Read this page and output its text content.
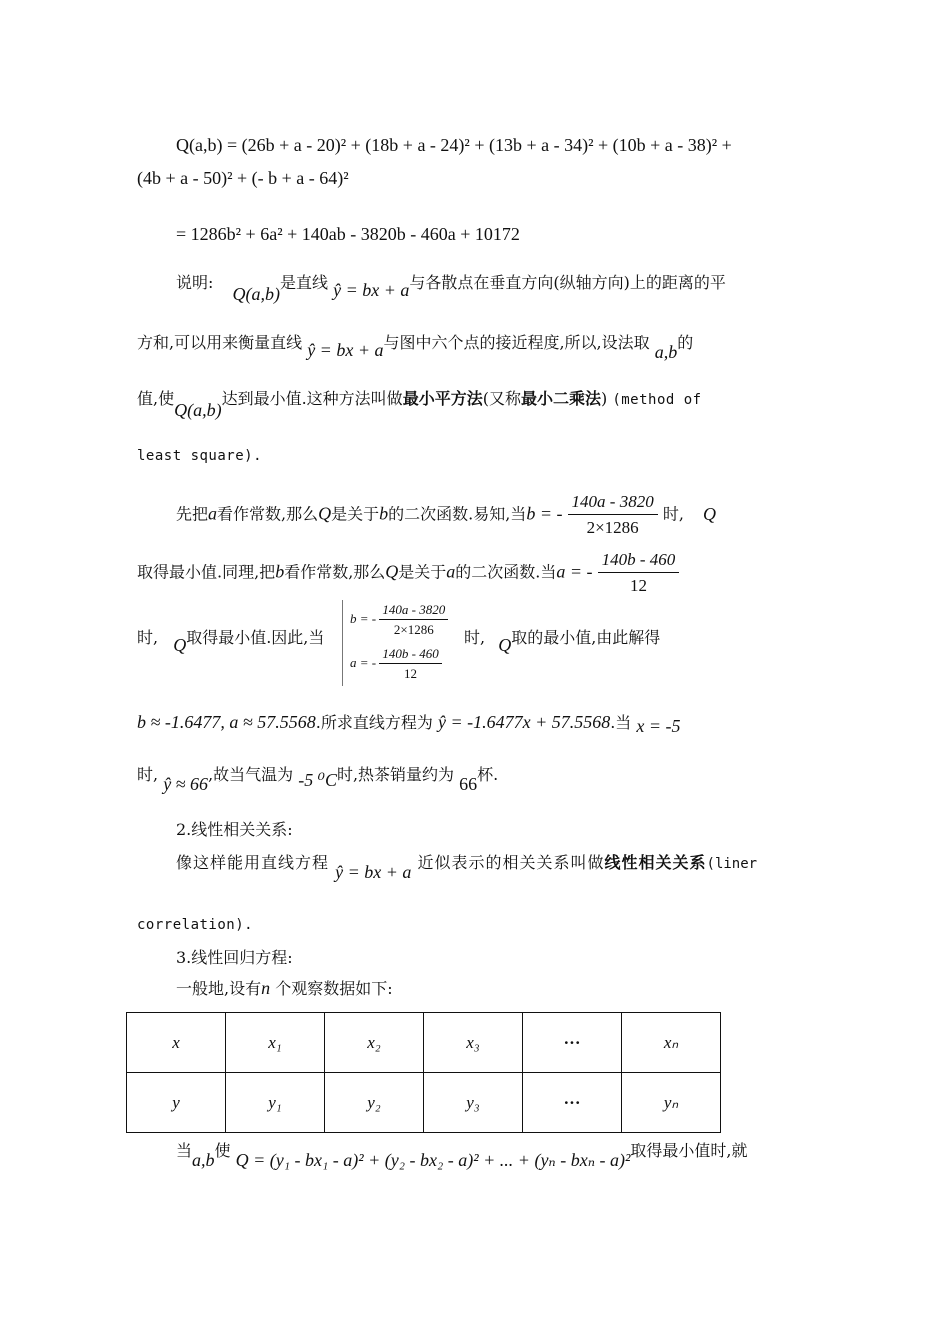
Q(a,b) = (26b + a - 20)² + (18b + a - 24)² + (13b + a - 34)² + (10b + a - 38)² +
(4b + a - 50)² + (- b + a - 64)²
= 1286b² + 6a² + 140ab - 3820b - 460a + 10172
说明: Q(a,b)是直线 ŷ = bx + a与各散点在垂直方向(纵轴方向)上的距离的平
方和,可以用来衡量直线 ŷ = bx + a与图中六个点的接近程度,所以,设法取 a,b的
值,使Q(a,b)达到最小值.这种方法叫做最小平方法(又称最小二乘法) (method of
least square).
先把a看作常数,那么Q是关于b的二次函数.易知,当b = - $\frac{140a - 3820}{2\times 1286}$ 时, Q
取得最小值.同理,把b看作常数,那么Q是关于a的二次函数.当a = - $\frac{140b - 460}{12}$
时, Q取得最小值.因此,当
b = - $\frac{140a - 3820}{2\times 1286}$
a = - $\frac{140b - 460}{12}$
时, Q取的最小值,由此解得
b ≈ -1.6477, a ≈ 57.5568.所求直线方程为 ŷ = -1.6477x + 57.5568.当 x = -5
时, ŷ ≈ 66,故当气温为 -5 ⁰C时,热茶销量约为 66杯.
2.线性相关关系:
像这样能用直线方程 ŷ = bx + a 近似表示的相关关系叫做线性相关关系(liner
correlation).
3.线性回归方程:
一般地,设有n 个观察数据如下:
x	x₁	x₂	x₃	···	xₙ
y	y₁	y₂	y₃	···	yₙ
当a,b使 Q = (y₁ - bx₁ - a)² + (y₂ - bx₂ - a)² + ... + (yₙ - bxₙ - a)²取得最小值时,就
